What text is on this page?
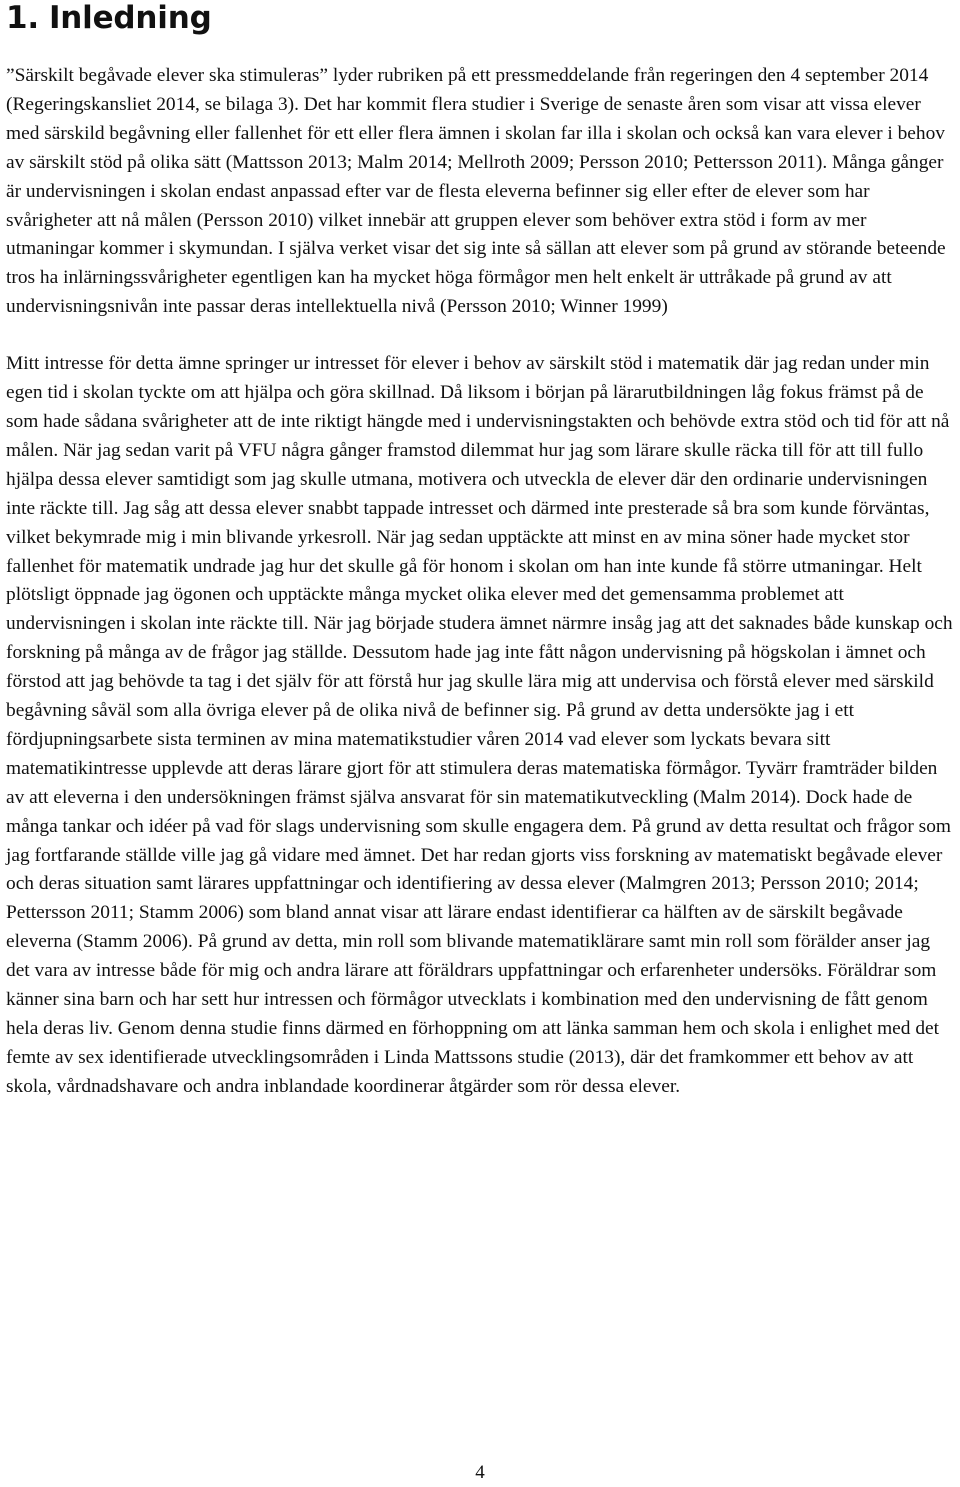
1. Inledning

”Särskilt begåvade elever ska stimuleras” lyder rubriken på ett pressmeddelande från regeringen den 4 september 2014 (Regeringskansliet 2014, se bilaga 3). Det har kommit flera studier i Sverige de senaste åren som visar att vissa elever med särskild begåvning eller fallenhet för ett eller flera ämnen i skolan far illa i skolan och också kan vara elever i behov av särskilt stöd på olika sätt (Mattsson 2013; Malm 2014; Mellroth 2009; Persson 2010; Pettersson 2011). Många gånger är undervisningen i skolan endast anpassad efter var de flesta eleverna befinner sig eller efter de elever som har svårigheter att nå målen (Persson 2010) vilket innebär att gruppen elever som behöver extra stöd i form av mer utmaningar kommer i skymundan. I själva verket visar det sig inte så sällan att elever som på grund av störande beteende tros ha inlärningssvårigheter egentligen kan ha mycket höga förmågor men helt enkelt är uttråkade på grund av att undervisningsnivån inte passar deras intellektuella nivå (Persson 2010; Winner 1999)

Mitt intresse för detta ämne springer ur intresset för elever i behov av särskilt stöd i matematik där jag redan under min egen tid i skolan tyckte om att hjälpa och göra skillnad. Då liksom i början på lärarutbildningen låg fokus främst på de som hade sådana svårigheter att de inte riktigt hängde med i undervisningstakten och behövde extra stöd och tid för att nå målen. När jag sedan varit på VFU några gånger framstod dilemmat hur jag som lärare skulle räcka till för att till fullo hjälpa dessa elever samtidigt som jag skulle utmana, motivera och utveckla de elever där den ordinarie undervisningen inte räckte till. Jag såg att dessa elever snabbt tappade intresset och därmed inte presterade så bra som kunde förväntas, vilket bekymrade mig i min blivande yrkesroll. När jag sedan upptäckte att minst en av mina söner hade mycket stor fallenhet för matematik undrade jag hur det skulle gå för honom i skolan om han inte kunde få större utmaningar. Helt plötsligt öppnade jag ögonen och upptäckte många mycket olika elever med det gemensamma problemet att undervisningen i skolan inte räckte till. När jag började studera ämnet närmre insåg jag att det saknades både kunskap och forskning på många av de frågor jag ställde. Dessutom hade jag inte fått någon undervisning på högskolan i ämnet och förstod att jag behövde ta tag i det själv för att förstå hur jag skulle lära mig att undervisa och förstå elever med särskild begåvning såväl som alla övriga elever på de olika nivå de befinner sig. På grund av detta undersökte jag i ett fördjupningsarbete sista terminen av mina matematikstudier våren 2014 vad elever som lyckats bevara sitt matematikintresse upplevde att deras lärare gjort för att stimulera deras matematiska förmågor. Tyvärr framträder bilden av att eleverna i den undersökningen främst själva ansvarat för sin matematikutveckling (Malm 2014). Dock hade de många tankar och idéer på vad för slags undervisning som skulle engagera dem. På grund av detta resultat och frågor som jag fortfarande ställde ville jag gå vidare med ämnet. Det har redan gjorts viss forskning av matematiskt begåvade elever och deras situation samt lärares uppfattningar och identifiering av dessa elever (Malmgren 2013; Persson 2010; 2014; Pettersson 2011; Stamm 2006) som bland annat visar att lärare endast identifierar ca hälften av de särskilt begåvade eleverna (Stamm 2006). På grund av detta, min roll som blivande matematiklärare samt min roll som förälder anser jag det vara av intresse både för mig och andra lärare att föräldrars uppfattningar och erfarenheter undersöks. Föräldrar som känner sina barn och har sett hur intressen och förmågor utvecklats i kombination med den undervisning de fått genom hela deras liv. Genom denna studie finns därmed en förhoppning om att länka samman hem och skola i enlighet med det femte av sex identifierade utvecklingsområden i Linda Mattssons studie (2013), där det framkommer ett behov av att skola, vårdnadshavare och andra inblandade koordinerar åtgärder som rör dessa elever.

4
